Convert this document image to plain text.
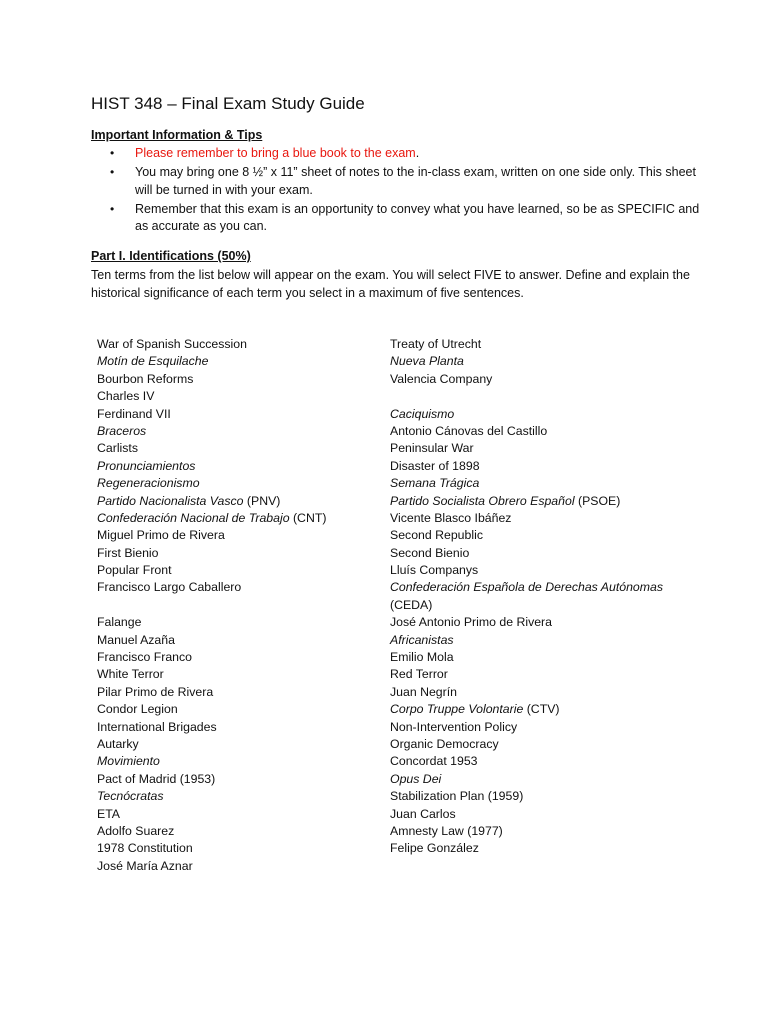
HIST 348 – Final Exam Study Guide

Important Information & Tips

• Please remember to bring a blue book to the exam.
• You may bring one 8 ½” x 11” sheet of notes to the in-class exam, written on one side only. This sheet will be turned in with your exam.
• Remember that this exam is an opportunity to convey what you have learned, so be as SPECIFIC and as accurate as you can.

Part I. Identifications (50%)

Ten terms from the list below will appear on the exam. You will select FIVE to answer. Define and explain the historical significance of each term you select in a maximum of five sentences.

War of Spanish Succession
Motín de Esquilache
Bourbon Reforms
Charles IV
Ferdinand VII
Braceros
Carlists
Pronunciamientos
Regeneracionismo
Partido Nacionalista Vasco (PNV)
Confederación Nacional de Trabajo (CNT)
Miguel Primo de Rivera
First Bienio
Popular Front
Francisco Largo Caballero
Falange
Manuel Azaña
Francisco Franco
White Terror
Pilar Primo de Rivera
Condor Legion
International Brigades
Autarky
Movimiento
Pact of Madrid (1953)
Tecnócratas
ETA
Adolfo Suarez
1978 Constitution
José María Aznar
Treaty of Utrecht
Nueva Planta
Valencia Company
Caciquismo
Antonio Cánovas del Castillo
Peninsular War
Disaster of 1898
Semana Trágica
Partido Socialista Obrero Español (PSOE)
Vicente Blasco Ibáñez
Second Republic
Second Bienio
Lluís Companys
Confederación Española de Derechas Autónomas
(CEDA)
José Antonio Primo de Rivera
Africanistas
Emilio Mola
Red Terror
Juan Negrín
Corpo Truppe Volontarie (CTV)
Non-Intervention Policy
Organic Democracy
Concordat 1953
Opus Dei
Stabilization Plan (1959)
Juan Carlos
Amnesty Law (1977)
Felipe González
